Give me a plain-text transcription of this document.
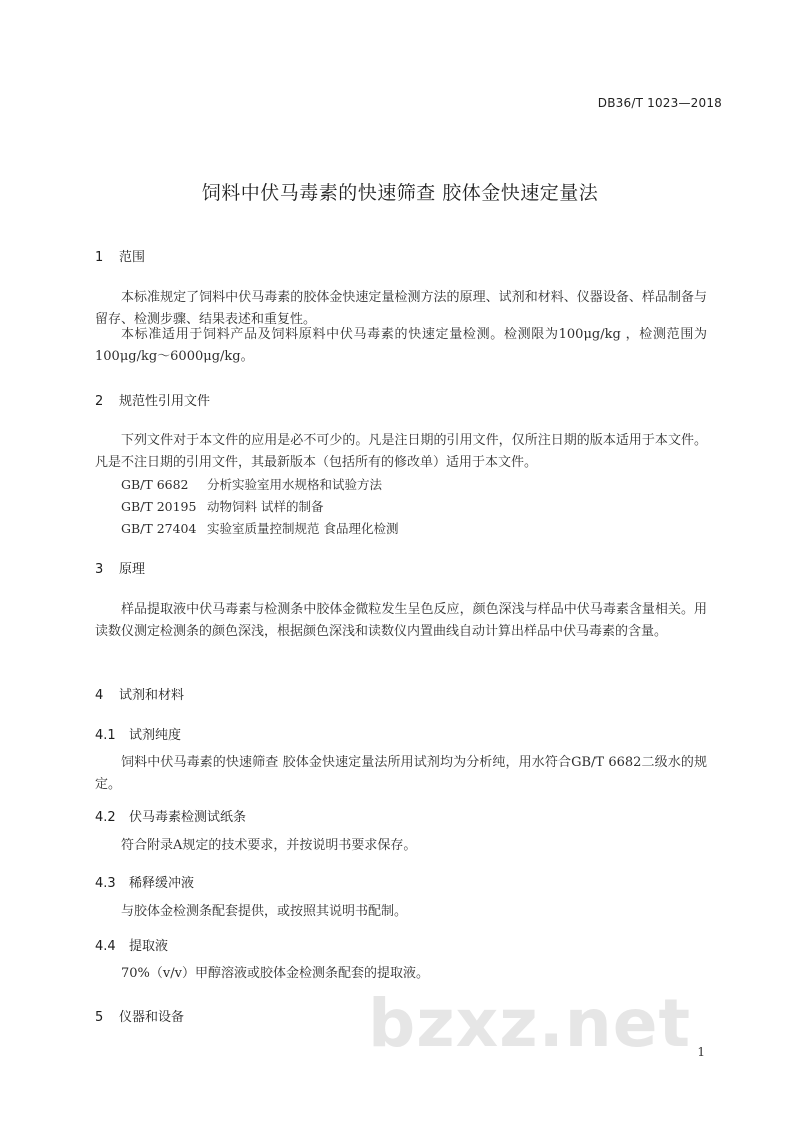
DB36/T 1023—2018
饲料中伏马毒素的快速筛查 胶体金快速定量法
1 范围
本标准规定了饲料中伏马毒素的胶体金快速定量检测方法的原理、试剂和材料、仪器设备、样品制备与留存、检测步骤、结果表述和重复性。
本标准适用于饲料产品及饲料原料中伏马毒素的快速定量检测。检测限为100μg/kg ，检测范围为100μg/kg～6000μg/kg。
2 规范性引用文件
下列文件对于本文件的应用是必不可少的。凡是注日期的引用文件，仅所注日期的版本适用于本文件。凡是不注日期的引用文件，其最新版本（包括所有的修改单）适用于本文件。
GB/T 6682 分析实验室用水规格和试验方法
GB/T 20195 动物饲料 试样的制备
GB/T 27404 实验室质量控制规范 食品理化检测
3 原理
样品提取液中伏马毒素与检测条中胶体金微粒发生呈色反应，颜色深浅与样品中伏马毒素含量相关。用读数仪测定检测条的颜色深浅，根据颜色深浅和读数仪内置曲线自动计算出样品中伏马毒素的含量。
4 试剂和材料
4.1 试剂纯度
饲料中伏马毒素的快速筛查 胶体金快速定量法所用试剂均为分析纯，用水符合GB/T 6682二级水的规定。
4.2 伏马毒素检测试纸条
符合附录A规定的技术要求，并按说明书要求保存。
4.3 稀释缓冲液
与胶体金检测条配套提供，或按照其说明书配制。
4.4 提取液
70%（v/v）甲醇溶液或胶体金检测条配套的提取液。
5 仪器和设备	bzxz.net 1
